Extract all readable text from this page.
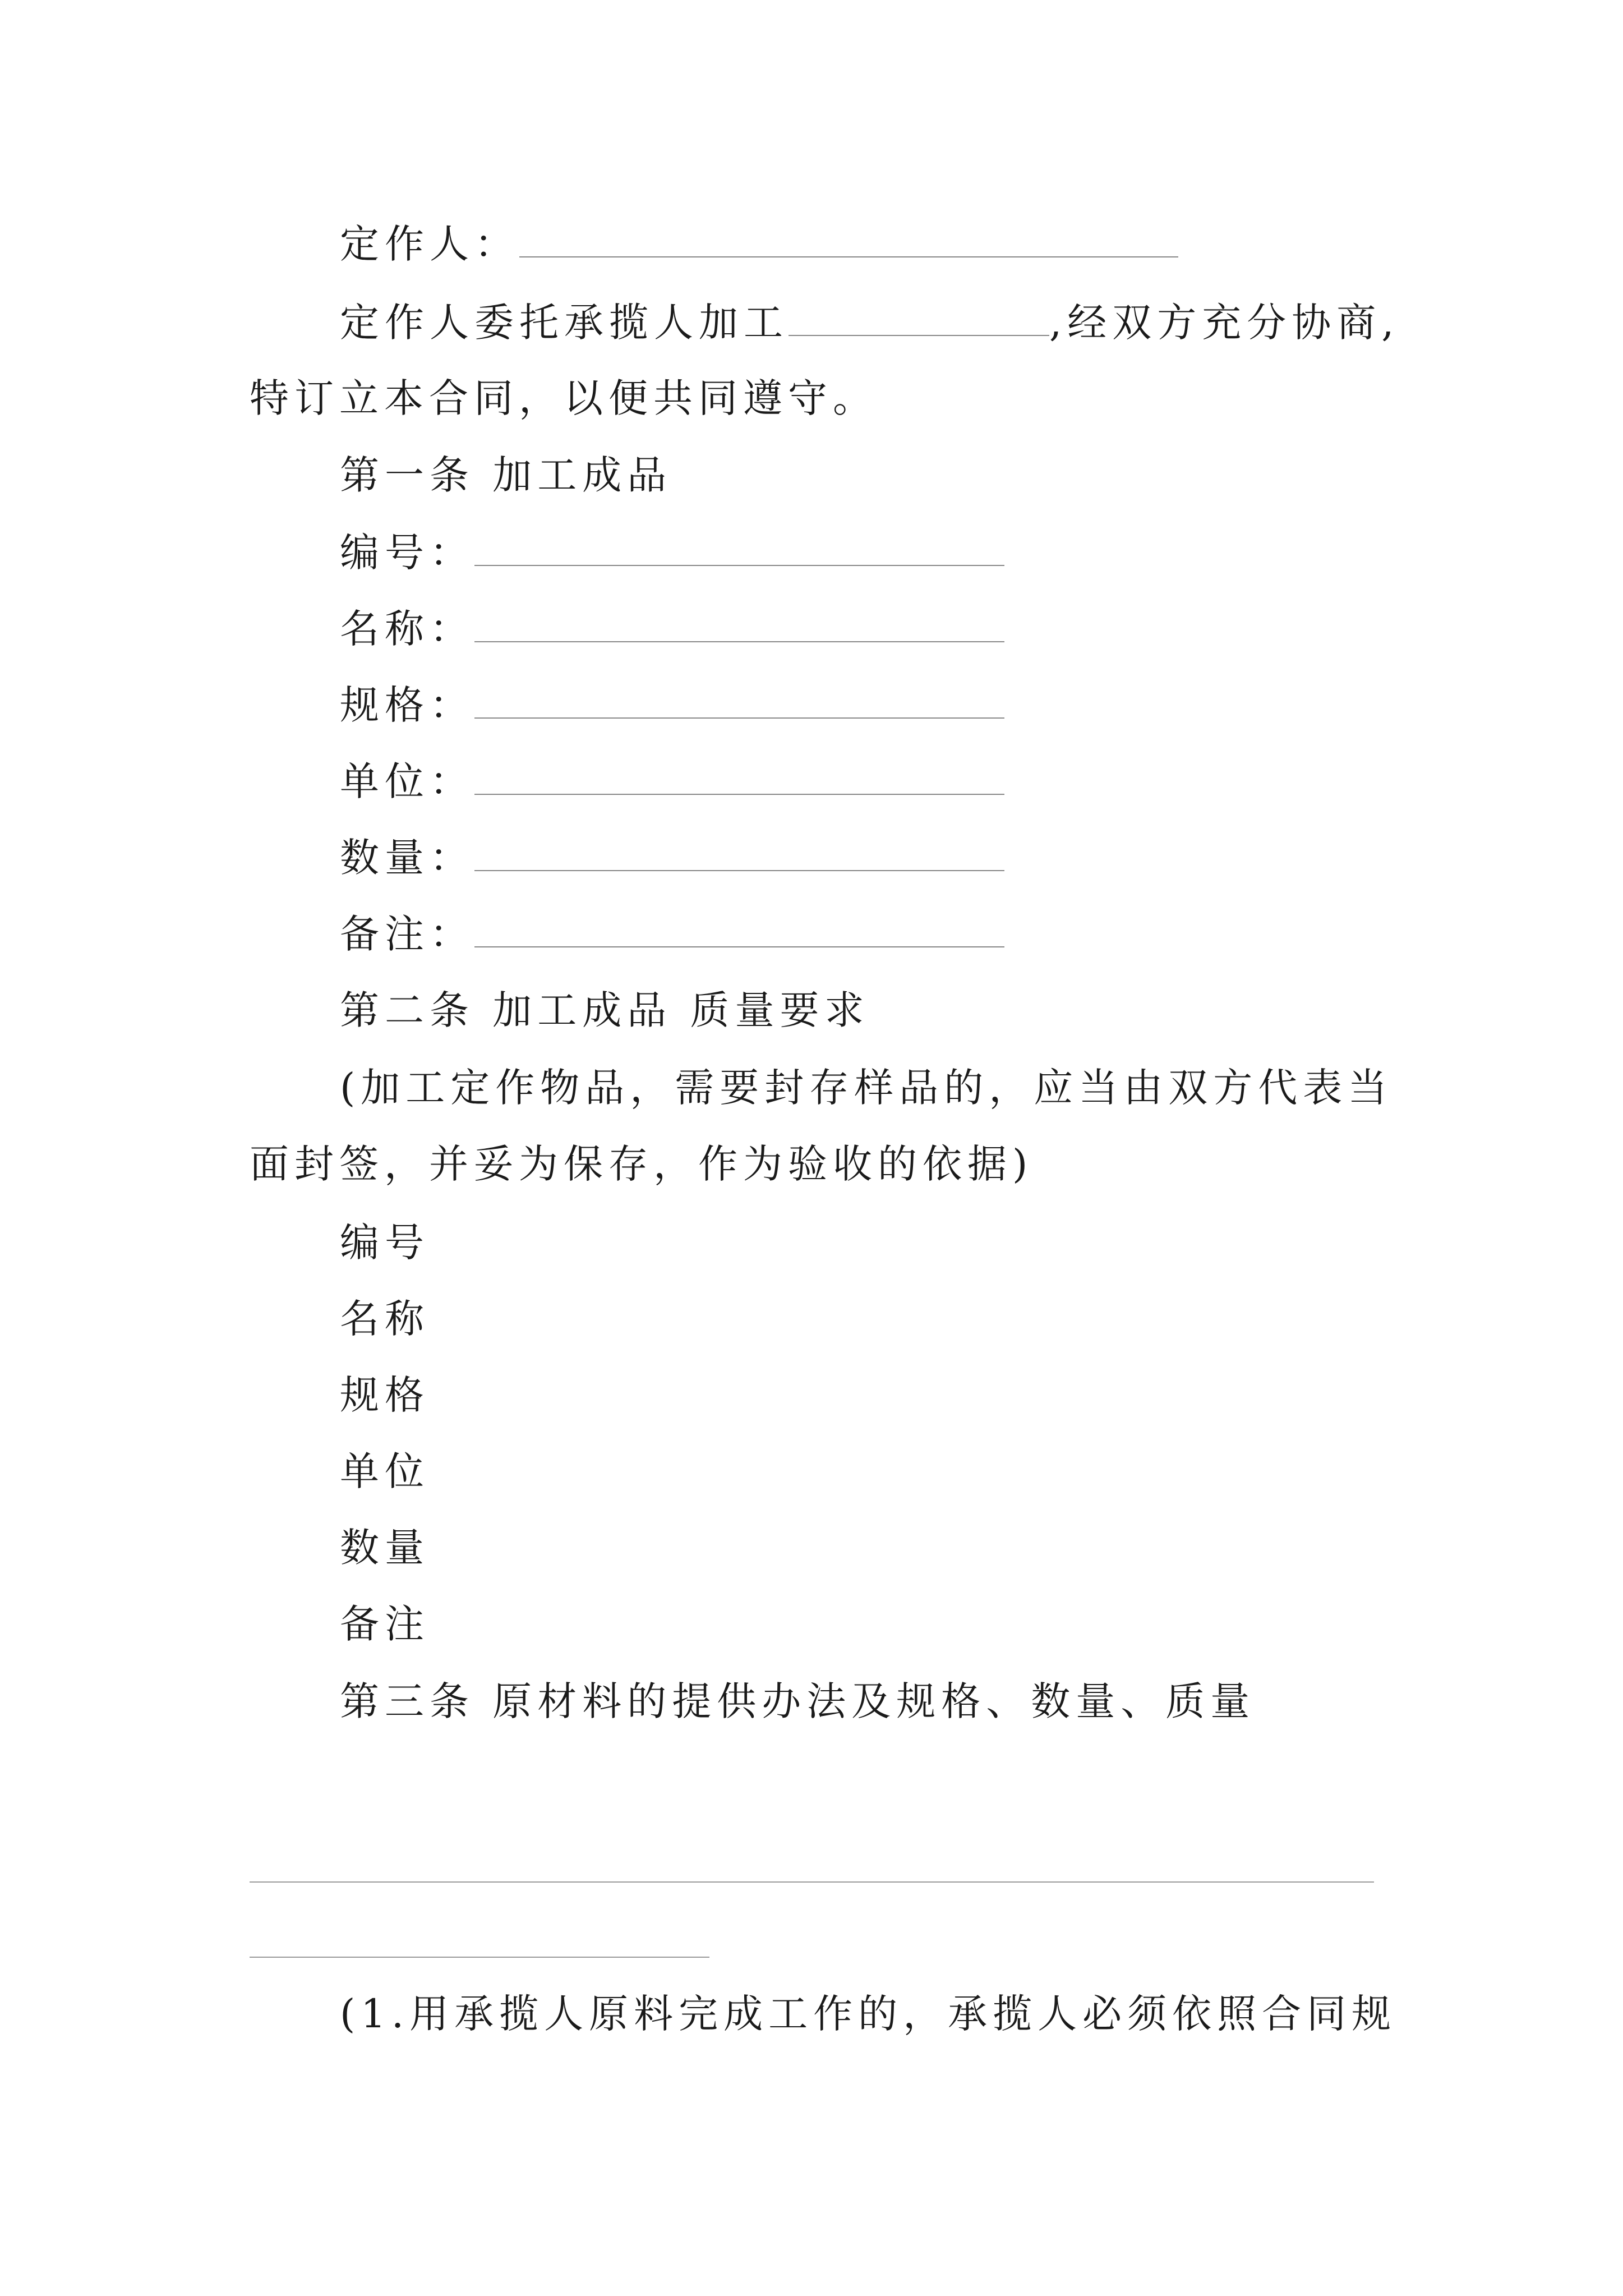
定作人：
定作人委托承揽人加工	,经双方充分协商,
特订立本合同，以便共同遵守。
第一条 加工成品
编号：
名称：
规格：
单位：
数量：
备注：
第二条 加工成品 质量要求
(加工定作物品，需要封存样品的，应当由双方代表当
面封签，并妥为保存，作为验收的依据)
编号
名称
规格
单位
数量
备注
第三条 原材料的提供办法及规格、数量、质量
(1.用承揽人原料完成工作的，承揽人必须依照合同规
